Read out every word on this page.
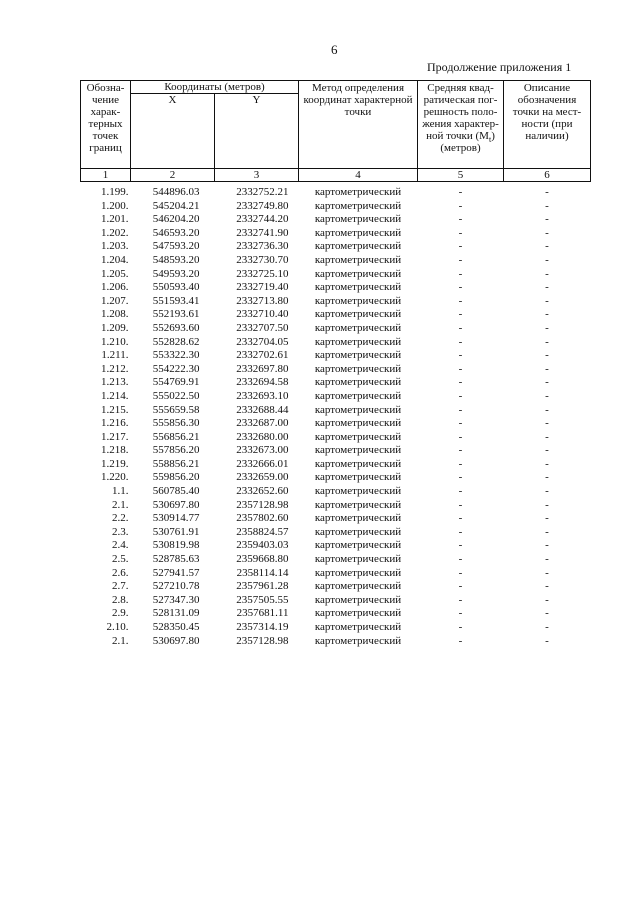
6
Продолжение приложения 1
Обозна-чение харак-терных точек границ	Координаты (метров)		Метод определения координат характерной точки	Средняя квад-ратическая пог-решность поло-жения характер-ной точки $(M_t)$ (метров)	Описание обозначения точки на мест-ности (при наличии)
	X	Y			
1	2	3	4	5	6
1.199.	544896.03	2332752.21	картометрический	-	-
1.200.	545204.21	2332749.80	картометрический	-	-
1.201.	546204.20	2332744.20	картометрический	-	-
1.202.	546593.20	2332741.90	картометрический	-	-
1.203.	547593.20	2332736.30	картометрический	-	-
1.204.	548593.20	2332730.70	картометрический	-	-
1.205.	549593.20	2332725.10	картометрический	-	-
1.206.	550593.40	2332719.40	картометрический	-	-
1.207.	551593.41	2332713.80	картометрический	-	-
1.208.	552193.61	2332710.40	картометрический	-	-
1.209.	552693.60	2332707.50	картометрический	-	-
1.210.	552828.62	2332704.05	картометрический	-	-
1.211.	553322.30	2332702.61	картометрический	-	-
1.212.	554222.30	2332697.80	картометрический	-	-
1.213.	554769.91	2332694.58	картометрический	-	-
1.214.	555022.50	2332693.10	картометрический	-	-
1.215.	555659.58	2332688.44	картометрический	-	-
1.216.	555856.30	2332687.00	картометрический	-	-
1.217.	556856.21	2332680.00	картометрический	-	-
1.218.	557856.20	2332673.00	картометрический	-	-
1.219.	558856.21	2332666.01	картометрический	-	-
1.220.	559856.20	2332659.00	картометрический	-	-
1.1.	560785.40	2332652.60	картометрический	-	-
2.1.	530697.80	2357128.98	картометрический	-	-
2.2.	530914.77	2357802.60	картометрический	-	-
2.3.	530761.91	2358824.57	картометрический	-	-
2.4.	530819.98	2359403.03	картометрический	-	-
2.5.	528785.63	2359668.80	картометрический	-	-
2.6.	527941.57	2358114.14	картометрический	-	-
2.7.	527210.78	2357961.28	картометрический	-	-
2.8.	527347.30	2357505.55	картометрический	-	-
2.9.	528131.09	2357681.11	картометрический	-	-
2.10.	528350.45	2357314.19	картометрический	-	-
2.1.	530697.80	2357128.98	картометрический	-	-
